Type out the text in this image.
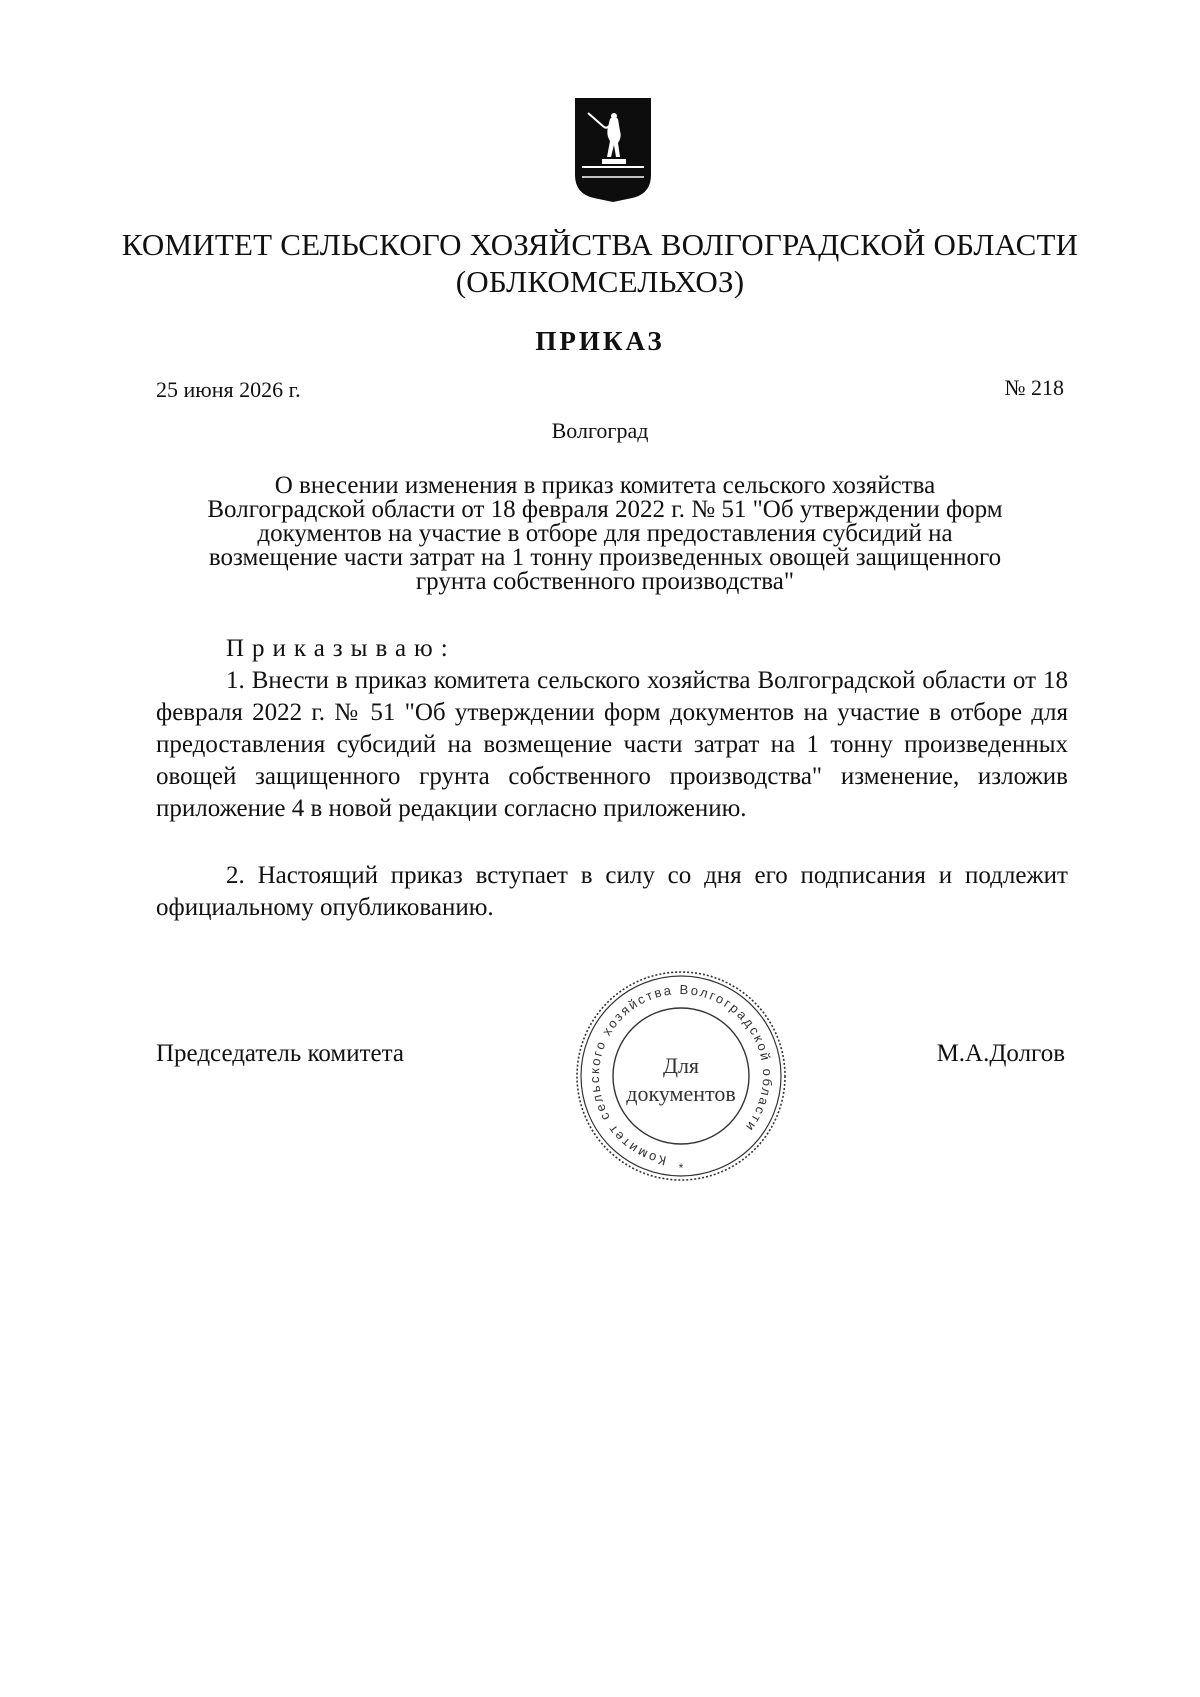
КОМИТЕТ СЕЛЬСКОГО ХОЗЯЙСТВА ВОЛГОГРАДСКОЙ ОБЛАСТИ
(ОБЛКОМСЕЛЬХОЗ)
ПРИКАЗ
25 июня 2026 г.	№ 218
Волгоград
О внесении изменения в приказ комитета сельского хозяйства
Волгоградской области от 18 февраля 2022 г. № 51 "Об утверждении форм
документов на участие в отборе для предоставления субсидий на
возмещение части затрат на 1 тонну произведенных овощей защищенного
грунта собственного производства"
Приказываю:
1. Внести в приказ комитета сельского хозяйства Волгоградской области от 18 февраля 2022 г. № 51 "Об утверждении форм документов на участие в отборе для предоставления субсидий на возмещение части затрат на 1 тонну произведенных овощей защищенного грунта собственного производства" изменение, изложив приложение 4 в новой редакции согласно приложению.
2. Настоящий приказ вступает в силу со дня его подписания и подлежит официальному опубликованию.
Председатель комитета	М.А.Долгов
Комитет сельского хозяйства Волгоградской области
*
Для
документов
